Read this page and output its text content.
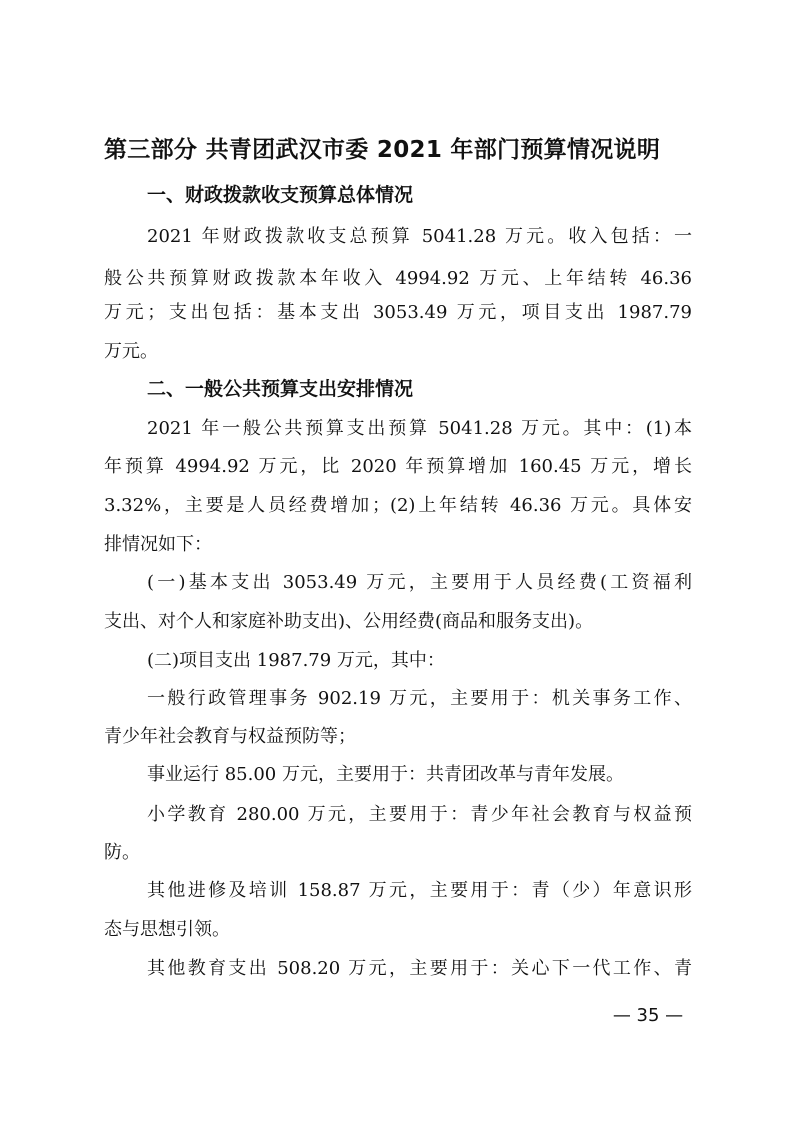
第三部分 共青团武汉市委 2021 年部门预算情况说明
一、财政拨款收支预算总体情况
2021 年财政拨款收支总预算 5041.28 万元。收入包括：一
般公共预算财政拨款本年收入 4994.92 万元、上年结转 46.36
万元；支出包括：基本支出 3053.49 万元，项目支出 1987.79
万元。
二、一般公共预算支出安排情况
2021 年一般公共预算支出预算 5041.28 万元。其中：(1)本
年预算 4994.92 万元，比 2020 年预算增加 160.45 万元，增长
3.32%，主要是人员经费增加；(2)上年结转 46.36 万元。具体安
排情况如下：
(一)基本支出 3053.49 万元，主要用于人员经费(工资福利
支出、对个人和家庭补助支出)、公用经费(商品和服务支出)。
(二)项目支出 1987.79 万元，其中：
一般行政管理事务 902.19 万元，主要用于：机关事务工作、
青少年社会教育与权益预防等；
事业运行 85.00 万元，主要用于：共青团改革与青年发展。
小学教育 280.00 万元，主要用于：青少年社会教育与权益预
防。
其他进修及培训 158.87 万元，主要用于：青（少）年意识形
态与思想引领。
其他教育支出 508.20 万元，主要用于：关心下一代工作、青
— 35 —
